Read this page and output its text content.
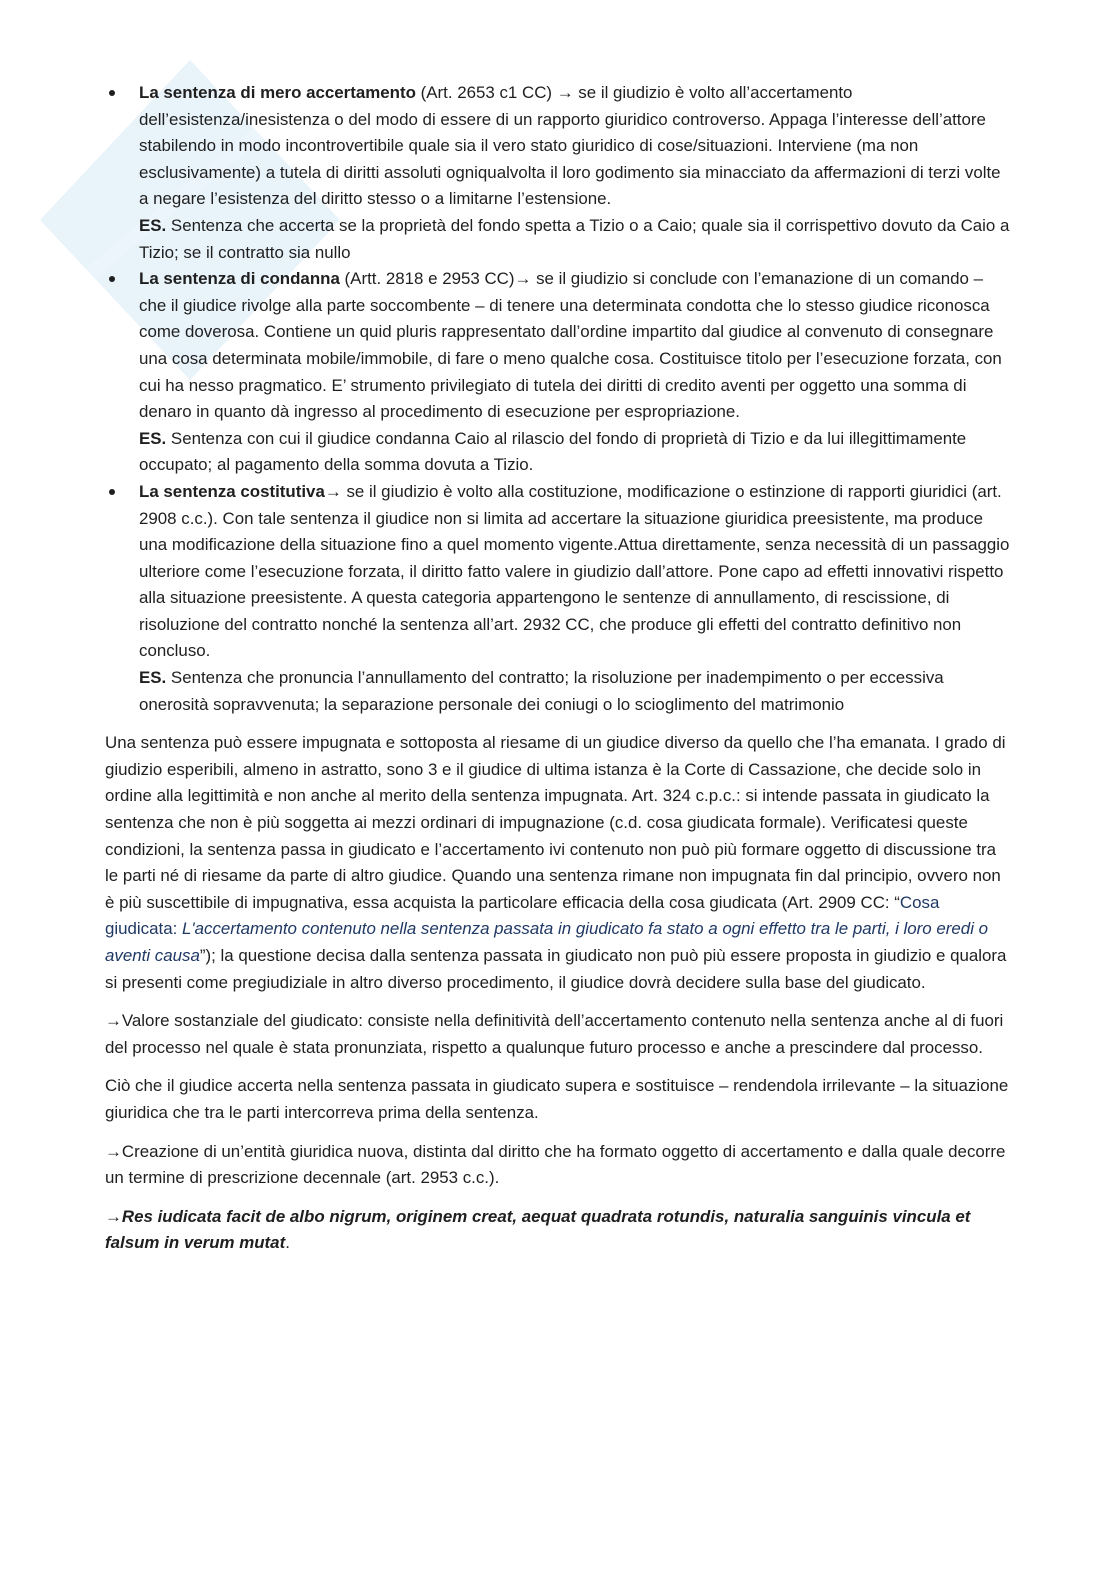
La sentenza di mero accertamento (Art. 2653 c1 CC) → se il giudizio è volto all’accertamento dell’esistenza/inesistenza o del modo di essere di un rapporto giuridico controverso. Appaga l’interesse dell’attore stabilendo in modo incontrovertibile quale sia il vero stato giuridico di cose/situazioni. Interviene (ma non esclusivamente) a tutela di diritti assoluti ogniqualvolta il loro godimento sia minacciato da affermazioni di terzi volte a negare l’esistenza del diritto stesso o a limitarne l’estensione.
ES. Sentenza che accerta se la proprietà del fondo spetta a Tizio o a Caio; quale sia il corrispettivo dovuto da Caio a Tizio; se il contratto sia nullo
La sentenza di condanna (Artt. 2818 e 2953 CC)→ se il giudizio si conclude con l’emanazione di un comando – che il giudice rivolge alla parte soccombente – di tenere una determinata condotta che lo stesso giudice riconosca come doverosa. Contiene un quid pluris rappresentato dall’ordine impartito dal giudice al convenuto di consegnare una cosa determinata mobile/immobile, di fare o meno qualche cosa. Costituisce titolo per l’esecuzione forzata, con cui ha nesso pragmatico. E’ strumento privilegiato di tutela dei diritti di credito aventi per oggetto una somma di denaro in quanto dà ingresso al procedimento di esecuzione per espropriazione.
ES. Sentenza con cui il giudice condanna Caio al rilascio del fondo di proprietà di Tizio e da lui illegittimamente occupato; al pagamento della somma dovuta a Tizio.
La sentenza costitutiva→ se il giudizio è volto alla costituzione, modificazione o estinzione di rapporti giuridici (art. 2908 c.c.). Con tale sentenza il giudice non si limita ad accertare la situazione giuridica preesistente, ma produce una modificazione della situazione fino a quel momento vigente.Attua direttamente, senza necessità di un passaggio ulteriore come l’esecuzione forzata, il diritto fatto valere in giudizio dall’attore. Pone capo ad effetti innovativi rispetto alla situazione preesistente. A questa categoria appartengono le sentenze di annullamento, di rescissione, di risoluzione del contratto nonché la sentenza all’art. 2932 CC, che produce gli effetti del contratto definitivo non concluso.
ES. Sentenza che pronuncia l’annullamento del contratto; la risoluzione per inadempimento o per eccessiva onerosità sopravvenuta; la separazione personale dei coniugi o lo scioglimento del matrimonio

Una sentenza può essere impugnata e sottoposta al riesame di un giudice diverso da quello che l’ha emanata. I grado di giudizio esperibili, almeno in astratto, sono 3 e il giudice di ultima istanza è la Corte di Cassazione, che decide solo in ordine alla legittimità e non anche al merito della sentenza impugnata. Art. 324 c.p.c.: si intende passata in giudicato la sentenza che non è più soggetta ai mezzi ordinari di impugnazione (c.d. cosa giudicata formale). Verificatesi queste condizioni, la sentenza passa in giudicato e l’accertamento ivi contenuto non può più formare oggetto di discussione tra le parti né di riesame da parte di altro giudice. Quando una sentenza rimane non impugnata fin dal principio, ovvero non è più suscettibile di impugnativa, essa acquista la particolare efficacia della cosa giudicata (Art. 2909 CC: “Cosa giudicata: L'accertamento contenuto nella sentenza passata in giudicato fa stato a ogni effetto tra le parti, i loro eredi o aventi causa”); la questione decisa dalla sentenza passata in giudicato non può più essere proposta in giudizio e qualora si presenti come pregiudiziale in altro diverso procedimento, il giudice dovrà decidere sulla base del giudicato.

→Valore sostanziale del giudicato: consiste nella definitività dell’accertamento contenuto nella sentenza anche al di fuori del processo nel quale è stata pronunziata, rispetto a qualunque futuro processo e anche a prescindere dal processo.

Ciò che il giudice accerta nella sentenza passata in giudicato supera e sostituisce – rendendola irrilevante – la situazione giuridica che tra le parti intercorreva prima della sentenza.

→Creazione di un’entità giuridica nuova, distinta dal diritto che ha formato oggetto di accertamento e dalla quale decorre un termine di prescrizione decennale (art. 2953 c.c.).

→Res iudicata facit de albo nigrum, originem creat, aequat quadrata rotundis, naturalia sanguinis vincula et falsum in verum mutat.
